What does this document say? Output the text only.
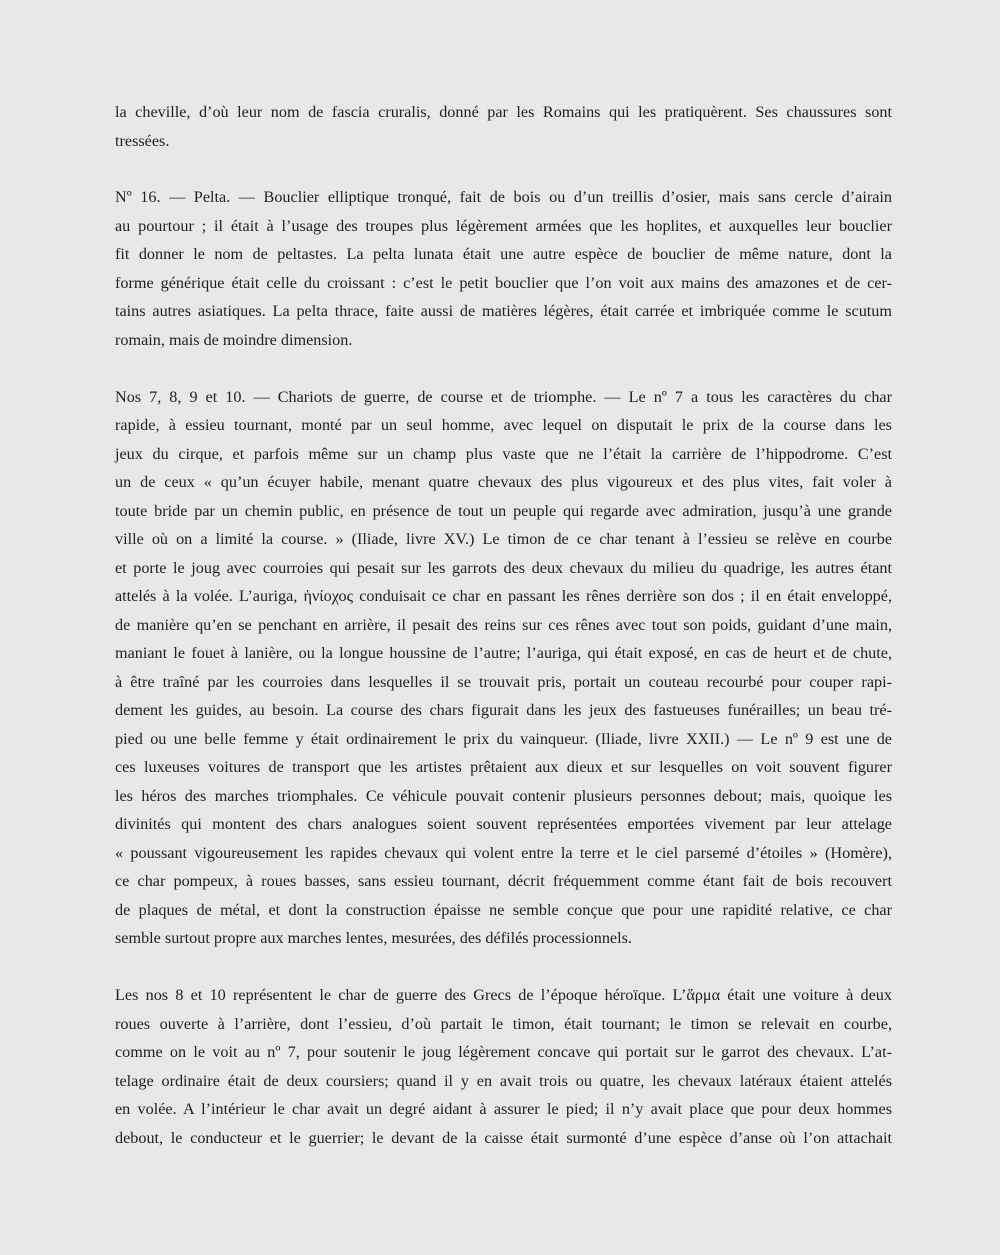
la cheville, d’où leur nom de fascia cruralis, donné par les Romains qui les pratiquèrent. Ses chaussures sont
tressées.
Nº 16. — Pelta. — Bouclier elliptique tronqué, fait de bois ou d’un treillis d’osier, mais sans cercle d’airain
au pourtour ; il était à l’usage des troupes plus légèrement armées que les hoplites, et auxquelles leur bouclier
fit donner le nom de peltastes. La pelta lunata était une autre espèce de bouclier de même nature, dont la
forme générique était celle du croissant : c’est le petit bouclier que l’on voit aux mains des amazones et de cer-
tains autres asiatiques. La pelta thrace, faite aussi de matières légères, était carrée et imbriquée comme le scutum
romain, mais de moindre dimension.
Nos 7, 8, 9 et 10. — Chariots de guerre, de course et de triomphe. — Le nº 7 a tous les caractères du char
rapide, à essieu tournant, monté par un seul homme, avec lequel on disputait le prix de la course dans les
jeux du cirque, et parfois même sur un champ plus vaste que ne l’était la carrière de l’hippodrome. C’est
un de ceux « qu’un écuyer habile, menant quatre chevaux des plus vigoureux et des plus vites, fait voler à
toute bride par un chemin public, en présence de tout un peuple qui regarde avec admiration, jusqu’à une grande
ville où on a limité la course. » (Iliade, livre XV.) Le timon de ce char tenant à l’essieu se relève en courbe
et porte le joug avec courroies qui pesait sur les garrots des deux chevaux du milieu du quadrige, les autres étant
attelés à la volée. L’auriga, ἡνίοχος conduisait ce char en passant les rênes derrière son dos ; il en était enveloppé,
de manière qu’en se penchant en arrière, il pesait des reins sur ces rênes avec tout son poids, guidant d’une main,
maniant le fouet à lanière, ou la longue houssine de l’autre; l’auriga, qui était exposé, en cas de heurt et de chute,
à être traîné par les courroies dans lesquelles il se trouvait pris, portait un couteau recourbé pour couper rapi-
dement les guides, au besoin. La course des chars figurait dans les jeux des fastueuses funérailles; un beau tré-
pied ou une belle femme y était ordinairement le prix du vainqueur. (Iliade, livre XXII.) — Le nº 9 est une de
ces luxeuses voitures de transport que les artistes prêtaient aux dieux et sur lesquelles on voit souvent figurer
les héros des marches triomphales. Ce véhicule pouvait contenir plusieurs personnes debout; mais, quoique les
divinités qui montent des chars analogues soient souvent représentées emportées vivement par leur attelage
« poussant vigoureusement les rapides chevaux qui volent entre la terre et le ciel parsemé d’étoiles » (Homère),
ce char pompeux, à roues basses, sans essieu tournant, décrit fréquemment comme étant fait de bois recouvert
de plaques de métal, et dont la construction épaisse ne semble conçue que pour une rapidité relative, ce char
semble surtout propre aux marches lentes, mesurées, des défilés processionnels.
Les nos 8 et 10 représentent le char de guerre des Grecs de l’époque héroïque. L’ἅρμα était une voiture à deux
roues ouverte à l’arrière, dont l’essieu, d’où partait le timon, était tournant; le timon se relevait en courbe,
comme on le voit au nº 7, pour soutenir le joug légèrement concave qui portait sur le garrot des chevaux. L’at-
telage ordinaire était de deux coursiers; quand il y en avait trois ou quatre, les chevaux latéraux étaient attelés
en volée. A l’intérieur le char avait un degré aidant à assurer le pied; il n’y avait place que pour deux hommes
debout, le conducteur et le guerrier; le devant de la caisse était surmonté d’une espèce d’anse où l’on attachait
